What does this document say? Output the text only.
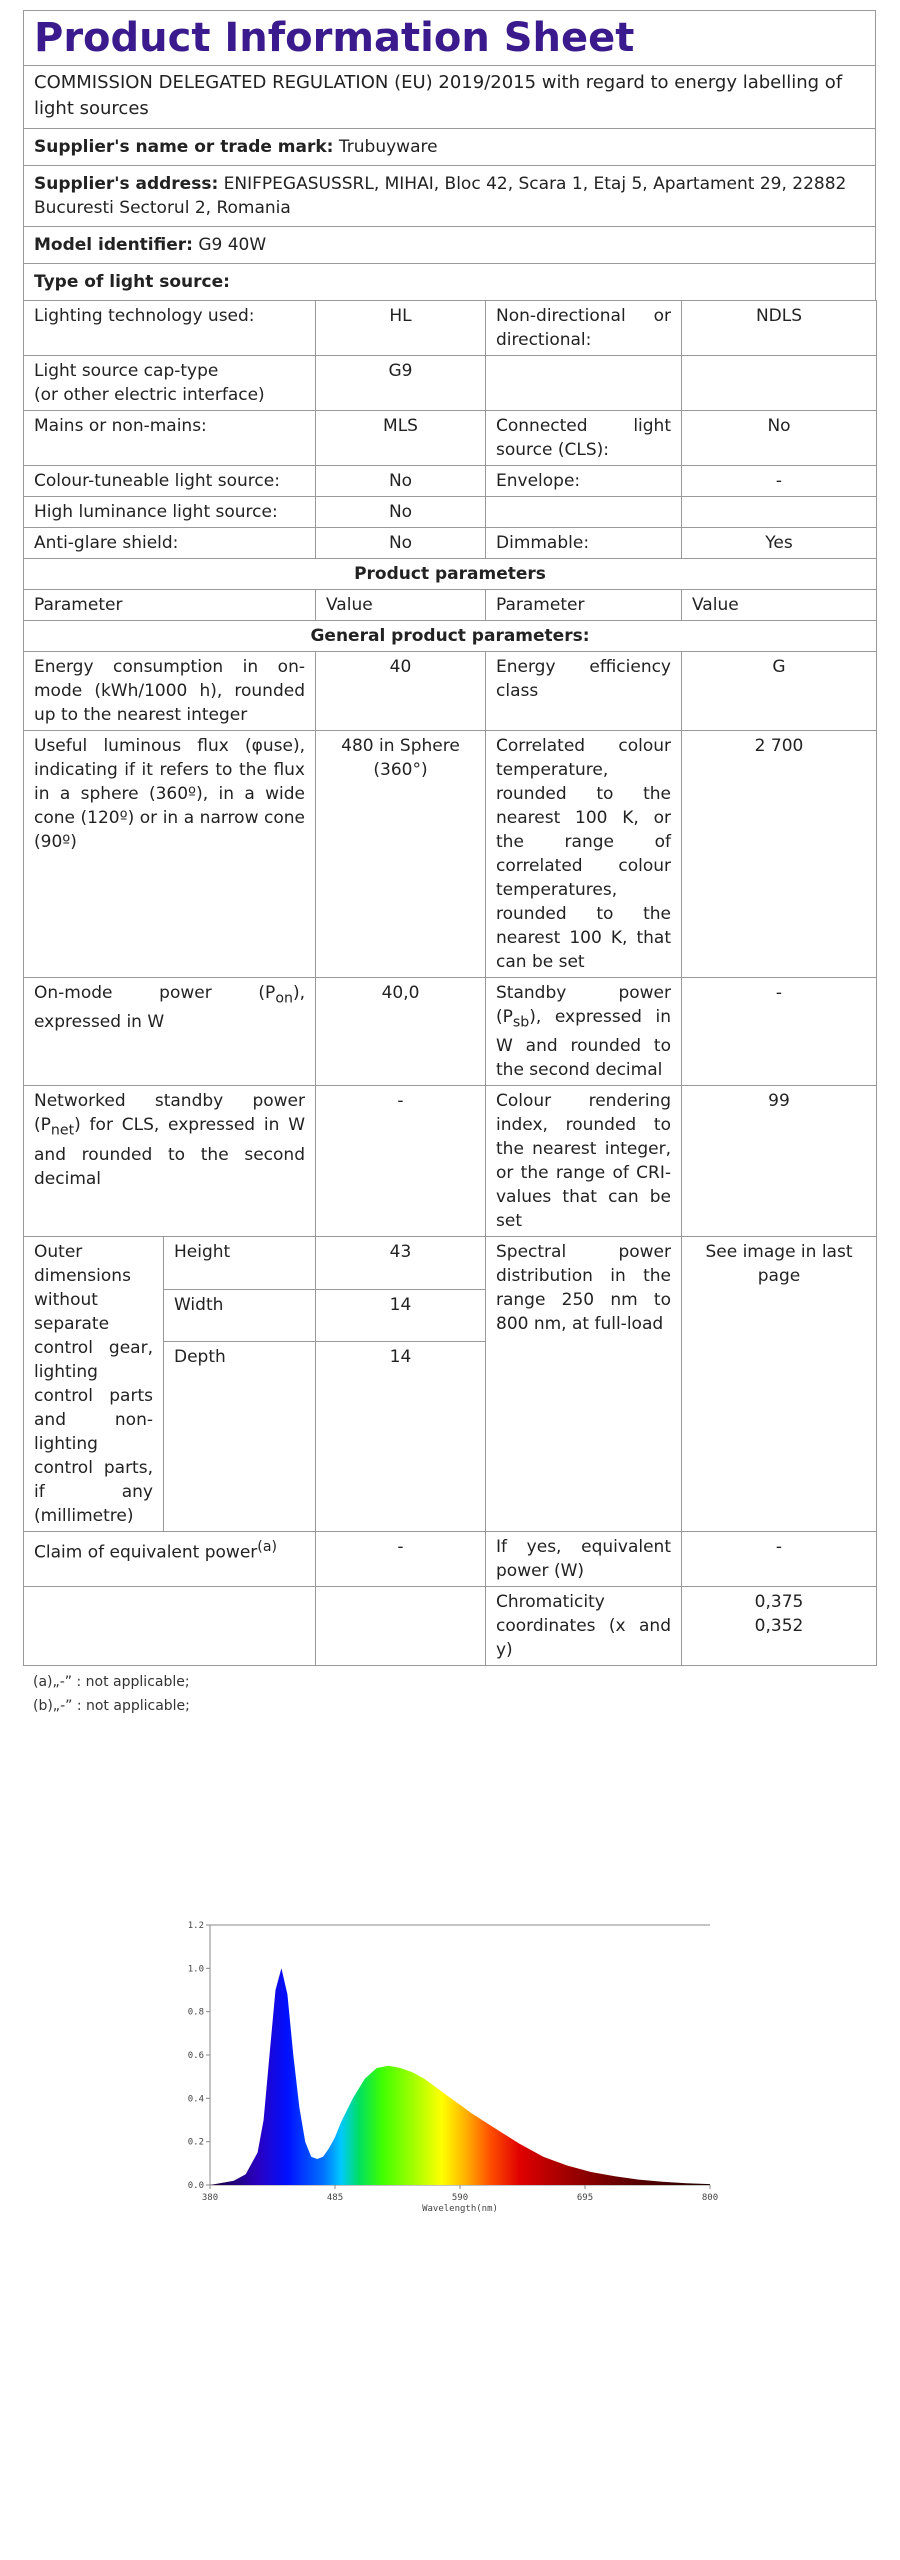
Product Information Sheet
COMMISSION DELEGATED REGULATION (EU) 2019/2015 with regard to energy labelling of light sources
Supplier's name or trade mark: Trubuyware
Supplier's address: ENIFPEGASUSSRL, MIHAI, Bloc 42, Scara 1, Etaj 5, Apartament 29, 22882 Bucuresti Sectorul 2, Romania
Model identifier: G9 40W
Type of light source:
Lighting technology used:		HL	Non-directional or directional:	NDLS
Light source cap-type
(or other electric interface)		G9		
Mains or non-mains:		MLS	Connected light source (CLS):	No
Colour-tuneable light source:		No	Envelope:	-
High luminance light source:		No		
Anti-glare shield:		No	Dimmable:	Yes
Product parameters				
Parameter		Value	Parameter	Value
General product parameters:				
Energy consumption in on-mode (kWh/1000 h), rounded up to the nearest integer		40	Energy efficiency class	G
Useful luminous flux (φuse), indicating if it refers to the flux in a sphere (360º), in a wide cone (120º) or in a narrow cone (90º)		480 in Sphere (360°)	Correlated colour temperature, rounded to the nearest 100 K, or the range of correlated colour temperatures, rounded to the nearest 100 K, that can be set	2 700
On-mode power $(P_{on})$, expressed in W		40,0	Standby power $(P_{sb})$, expressed in W and rounded to the second decimal	-
Networked standby power $(P_{net})$ for CLS, expressed in W and rounded to the second decimal		-	Colour rendering index, rounded to the nearest integer, or the range of CRI-values that can be set	99
Outer dimensions without separate control gear, lighting control parts and non-lighting control parts, if any (millimetre)	Height	43	Spectral power distribution in the range 250 nm to 800 nm, at full-load	See image in last page
	Width	14		
	Depth	14		
Claim of equivalent power$^{(a)}$		-	If yes, equivalent power (W)	-
			Chromaticity coordinates (x and y)	0,375
0,352
(a)„-” : not applicable;
(b)„-” : not applicable;
0.0
0.2
0.4
0.6
0.8
1.0
1.2
380	485	590	695	800
Wavelength(nm)
